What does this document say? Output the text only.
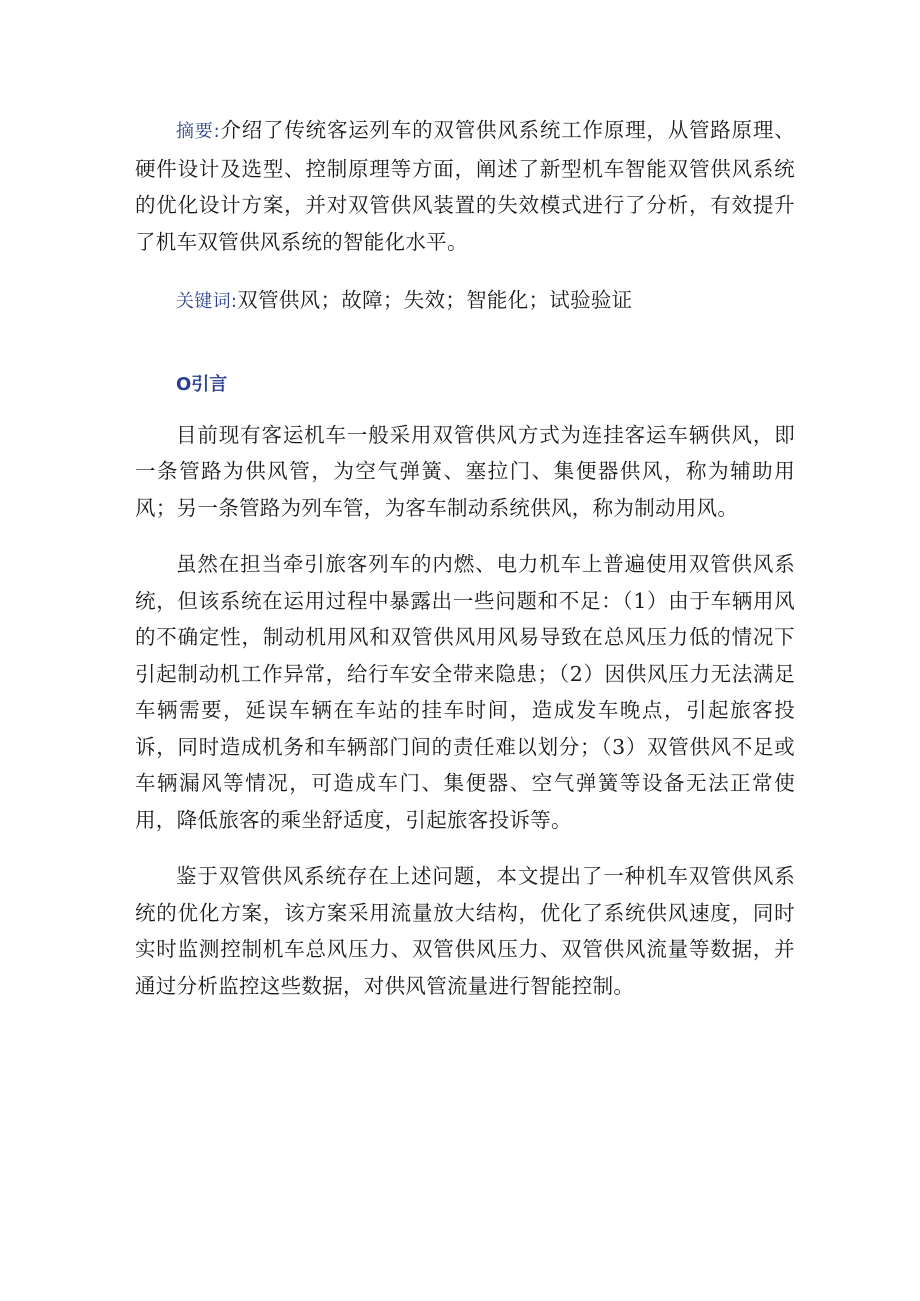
摘要:介绍了传统客运列车的双管供风系统工作原理，从管路原理、硬件设计及选型、控制原理等方面，阐述了新型机车智能双管供风系统的优化设计方案，并对双管供风装置的失效模式进行了分析，有效提升了机车双管供风系统的智能化水平。

关键词:双管供风；故障；失效；智能化；试验验证

O引言

目前现有客运机车一般采用双管供风方式为连挂客运车辆供风，即一条管路为供风管，为空气弹簧、塞拉门、集便器供风，称为辅助用风；另一条管路为列车管，为客车制动系统供风，称为制动用风。

虽然在担当牵引旅客列车的内燃、电力机车上普遍使用双管供风系统，但该系统在运用过程中暴露出一些问题和不足：（1）由于车辆用风的不确定性，制动机用风和双管供风用风易导致在总风压力低的情况下引起制动机工作异常，给行车安全带来隐患；（2）因供风压力无法满足车辆需要，延误车辆在车站的挂车时间，造成发车晚点，引起旅客投诉，同时造成机务和车辆部门间的责任难以划分；（3）双管供风不足或车辆漏风等情况，可造成车门、集便器、空气弹簧等设备无法正常使用，降低旅客的乘坐舒适度，引起旅客投诉等。

鉴于双管供风系统存在上述问题，本文提出了一种机车双管供风系统的优化方案，该方案采用流量放大结构，优化了系统供风速度，同时实时监测控制机车总风压力、双管供风压力、双管供风流量等数据，并通过分析监控这些数据，对供风管流量进行智能控制。
